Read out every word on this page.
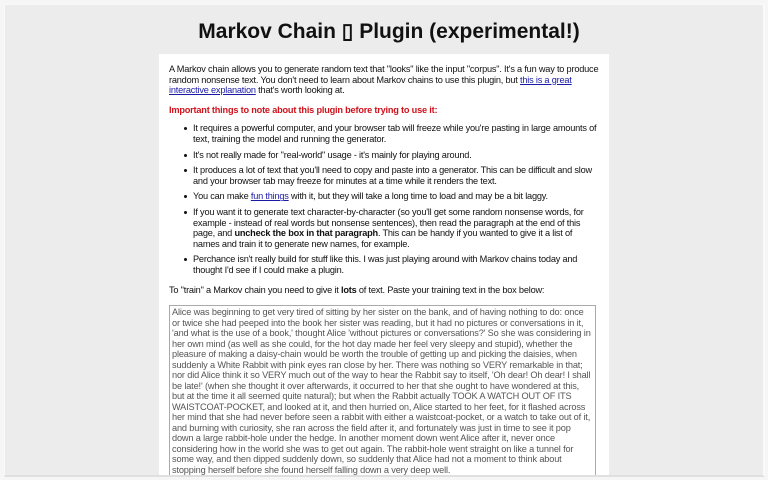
Markov Chain ▯ Plugin (experimental!)

A Markov chain allows you to generate random text that "looks" like the input "corpus". It's a fun way to produce random nonsense text. You don't need to learn about Markov chains to use this plugin, but this is a great interactive explanation that's worth looking at.

Important things to note about this plugin before trying to use it:

It requires a powerful computer, and your browser tab will freeze while you're pasting in large amounts of text, training the model and running the generator.
It's not really made for "real-world" usage - it's mainly for playing around.
It produces a lot of text that you'll need to copy and paste into a generator. This can be difficult and slow and your browser tab may freeze for minutes at a time while it renders the text.
You can make fun things with it, but they will take a long time to load and may be a bit laggy.
If you want it to generate text character-by-character (so you'll get some random nonsense words, for example - instead of real words but nonsense sentences), then read the paragraph at the end of this page, and uncheck the box in that paragraph. This can be handy if you wanted to give it a list of names and train it to generate new names, for example.
Perchance isn't really build for stuff like this. I was just playing around with Markov chains today and thought I'd see if I could make a plugin.

To "train" a Markov chain you need to give it lots of text. Paste your training text in the box below:

Alice was beginning to get very tired of sitting by her sister on the bank, and of having nothing to do: once or twice she had peeped into the book her sister was reading, but it had no pictures or conversations in it, 'and what is the use of a book,' thought Alice 'without pictures or conversations?' So she was considering in her own mind (as well as she could, for the hot day made her feel very sleepy and stupid), whether the pleasure of making a daisy-chain would be worth the trouble of getting up and picking the daisies, when suddenly a White Rabbit with pink eyes ran close by her. There was nothing so VERY remarkable in that; nor did Alice think it so VERY much out of the way to hear the Rabbit say to itself, 'Oh dear! Oh dear! I shall be late!' (when she thought it over afterwards, it occurred to her that she ought to have wondered at this, but at the time it all seemed quite natural); but when the Rabbit actually TOOK A WATCH OUT OF ITS WAISTCOAT-POCKET, and looked at it, and then hurried on, Alice started to her feet, for it flashed across her mind that she had never before seen a rabbit with either a waistcoat-pocket, or a watch to take out of it, and burning with curiosity, she ran across the field after it, and fortunately was just in time to see it pop down a large rabbit-hole under the hedge. In another moment down went Alice after it, never once considering how in the world she was to get out again. The rabbit-hole went straight on like a tunnel for some way, and then dipped suddenly down, so suddenly that Alice had not a moment to think about stopping herself before she found herself falling down a very deep well.
